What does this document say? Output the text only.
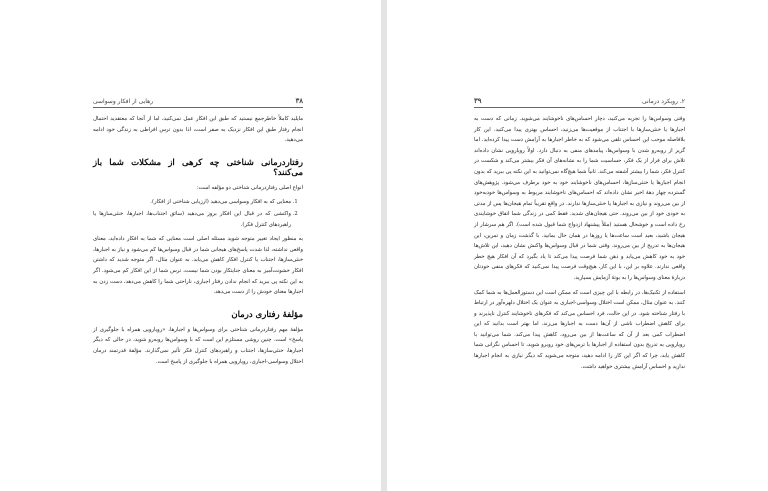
۳۸
رهایی از افکار وسواسی

مایلید کاملاً خاطرجمع نیستید که طبق این افکار عمل نمی‌کنید، اما از آنجا که معتقدید احتمال انجام رفتار طبق این افکار نزدیک به صفر است، اذا بدون ترس افراطی به زندگی خود ادامه می‌دهید.

رفتاردرمانی شناختی چه کرهی از مشکلات شما باز می‌کنند؟

انواع اصلی رفتاردرمانی شناختی دو مؤلفه است:

1. معنایی که به افکار وسواسی می‌دهید (ارزیابی شناختی از افکار).
2. واکنشی که در قبال این افکار بروز می‌دهید (سائق اجتناب‌ها، اجبارها، خنثی‌سازها یا راهبردهای کنترل فکر).

به منظور ایجاد تغییر متوجه شوید مسئله اصلی است معنایی که شما به افکار داده‌اید، معنای واقعی نداشته، لذا شدت پاسخ‌های هیجانی شما در قبال وسواس‌ها کم می‌شود و نیاز به اجبارها، خنثی‌سازها، اجتناب یا کنترل افکار کاهش می‌یابد. به عنوان مثال، اگر متوجه شدید که داشتن افکار خشونت‌آمیز به معنای جنایتکار بودن شما نیست، ترس شما از این افکار کم می‌شود. اگر به این نکته پی ببرید که انجام ندادن رفتار اجباری، ناراحتی شما را کاهش می‌دهد، دست زدن به اجبارها معنای خودش را از دست می‌دهد.

مؤلفهٔ رفتاری درمان

مؤلفهٔ مهم رفتاردرمانی شناختی برای وسواس‌ها و اجبارها، «رویارویی همراه با جلوگیری از پاسخ» است. چنین روشی مستلزم این است که با وسواس‌ها روبه‌رو شوید، در حالی که دیگر اجبارها، خنثی‌سازها، اجتناب و راهبردهای کنترل فکر تأثیر نمی‌گذارند. مؤلفهٔ قدرتمند درمان اختلال وسواسی-اجباری، رویارویی همراه با جلوگیری از پاسخ است.

۲. رویکرد درمانی
۳۹

وقتی وسواس‌ها را تجربه می‌کنید، دچار احساس‌های ناخوشایند می‌شوید. زمانی که دست به اجبارها یا خنثی‌سازها با اجتناب از موقعیت‌ها می‌زنید، احساس بهتری پیدا می‌کنید. این کار بلافاصله موجب این احساس تلقی می‌شود که به خاطر اجبارها به آرامش دست پیدا کرده‌اید. اما گریز از روبه‌رو شدن با وسواس‌ها، پیامدهای منفی به دنبال دارد. اولاً رویارویی نشان داده‌اند تلاش برای فرار از یک فکر، حساسیت شما را به نشانه‌های آن فکر بیشتر می‌کند و شکست در کنترل فکر، شما را بیشتر آشفته می‌کند. ثانیاً شما هیچ‌گاه نمی‌توانید به این نکته پی ببرید که بدون انجام اجبارها یا خنثی‌سازها، احساس‌های ناخوشایند خود به خود برطرف می‌شود. پژوهش‌های گسترده چهار دههٔ اخیر نشان داده‌اند که احساس‌های ناخوشایند مربوط به وسواس‌ها خودبه‌خود از بین می‌روند و نیازی به اجبارها یا خنثی‌سازها ندارند. در واقع تقریباً تمام هیجان‌ها پس از مدتی به خودی خود از بین می‌روند. حتی هیجان‌های شدید. فقط کمی در زندگی شما اتفاق خوشایندی رخ داده است و خوشحال هستید (مثلاً پیشنهاد ازدواج شما قبول شده است). اگر هم سرشار از هیجان باشید، بعید است ساعت‌ها یا روزها در همان حال بمانید. با گذشت زمان و تمرین، این هیجان‌ها به تدریج از بین می‌روند. وقتی شما در قبال وسواس‌ها واکنش نشان دهید، این تلاش‌ها خود به خود کاهش می‌یابد و ذهن شما فرصت پیدا می‌کند تا یاد بگیرد که آن افکار هیچ خطر واقعی ندارند. علاوه بر این، با این کار، هیچ‌وقت فرصت پیدا نمی‌کنید که فکرهای منفی خودتان دربارهٔ معنای وسواس‌ها را به بوتهٔ آزمایش بسپارید.

استفاده از تکنیک‌ها، در رابطه با این چیزی است که ممکن است این دستورالعمل‌ها به شما کمک کنند. به عنوان مثال، ممکن است اختلال وسواسی-اجباری به عنوان یک اختلال دلهره‌آور در ارتباط با رفتار شناخته شود. در این حالت، فرد احساس می‌کند که فکرهای ناخوشایند کنترل ناپذیرند و برای کاهش اضطراب ناشی از آن‌ها دست به اجبارها می‌زند. اما بهتر است بدانید که این اضطراب کمی بعد از آن که ساعت‌ها از بین می‌رود، کاهش پیدا می‌کند. شما می‌توانید با رویارویی به تدریج بدون استفاده از اجبارها با ترس‌های خود روبرو شوید، تا احساس نگرانی شما کاهش یابد، چرا که اگر این کار را ادامه دهید، متوجه می‌شوید که دیگر نیازی به انجام اجبارها ندارید و احساس آرامش بیشتری خواهید داشت.
